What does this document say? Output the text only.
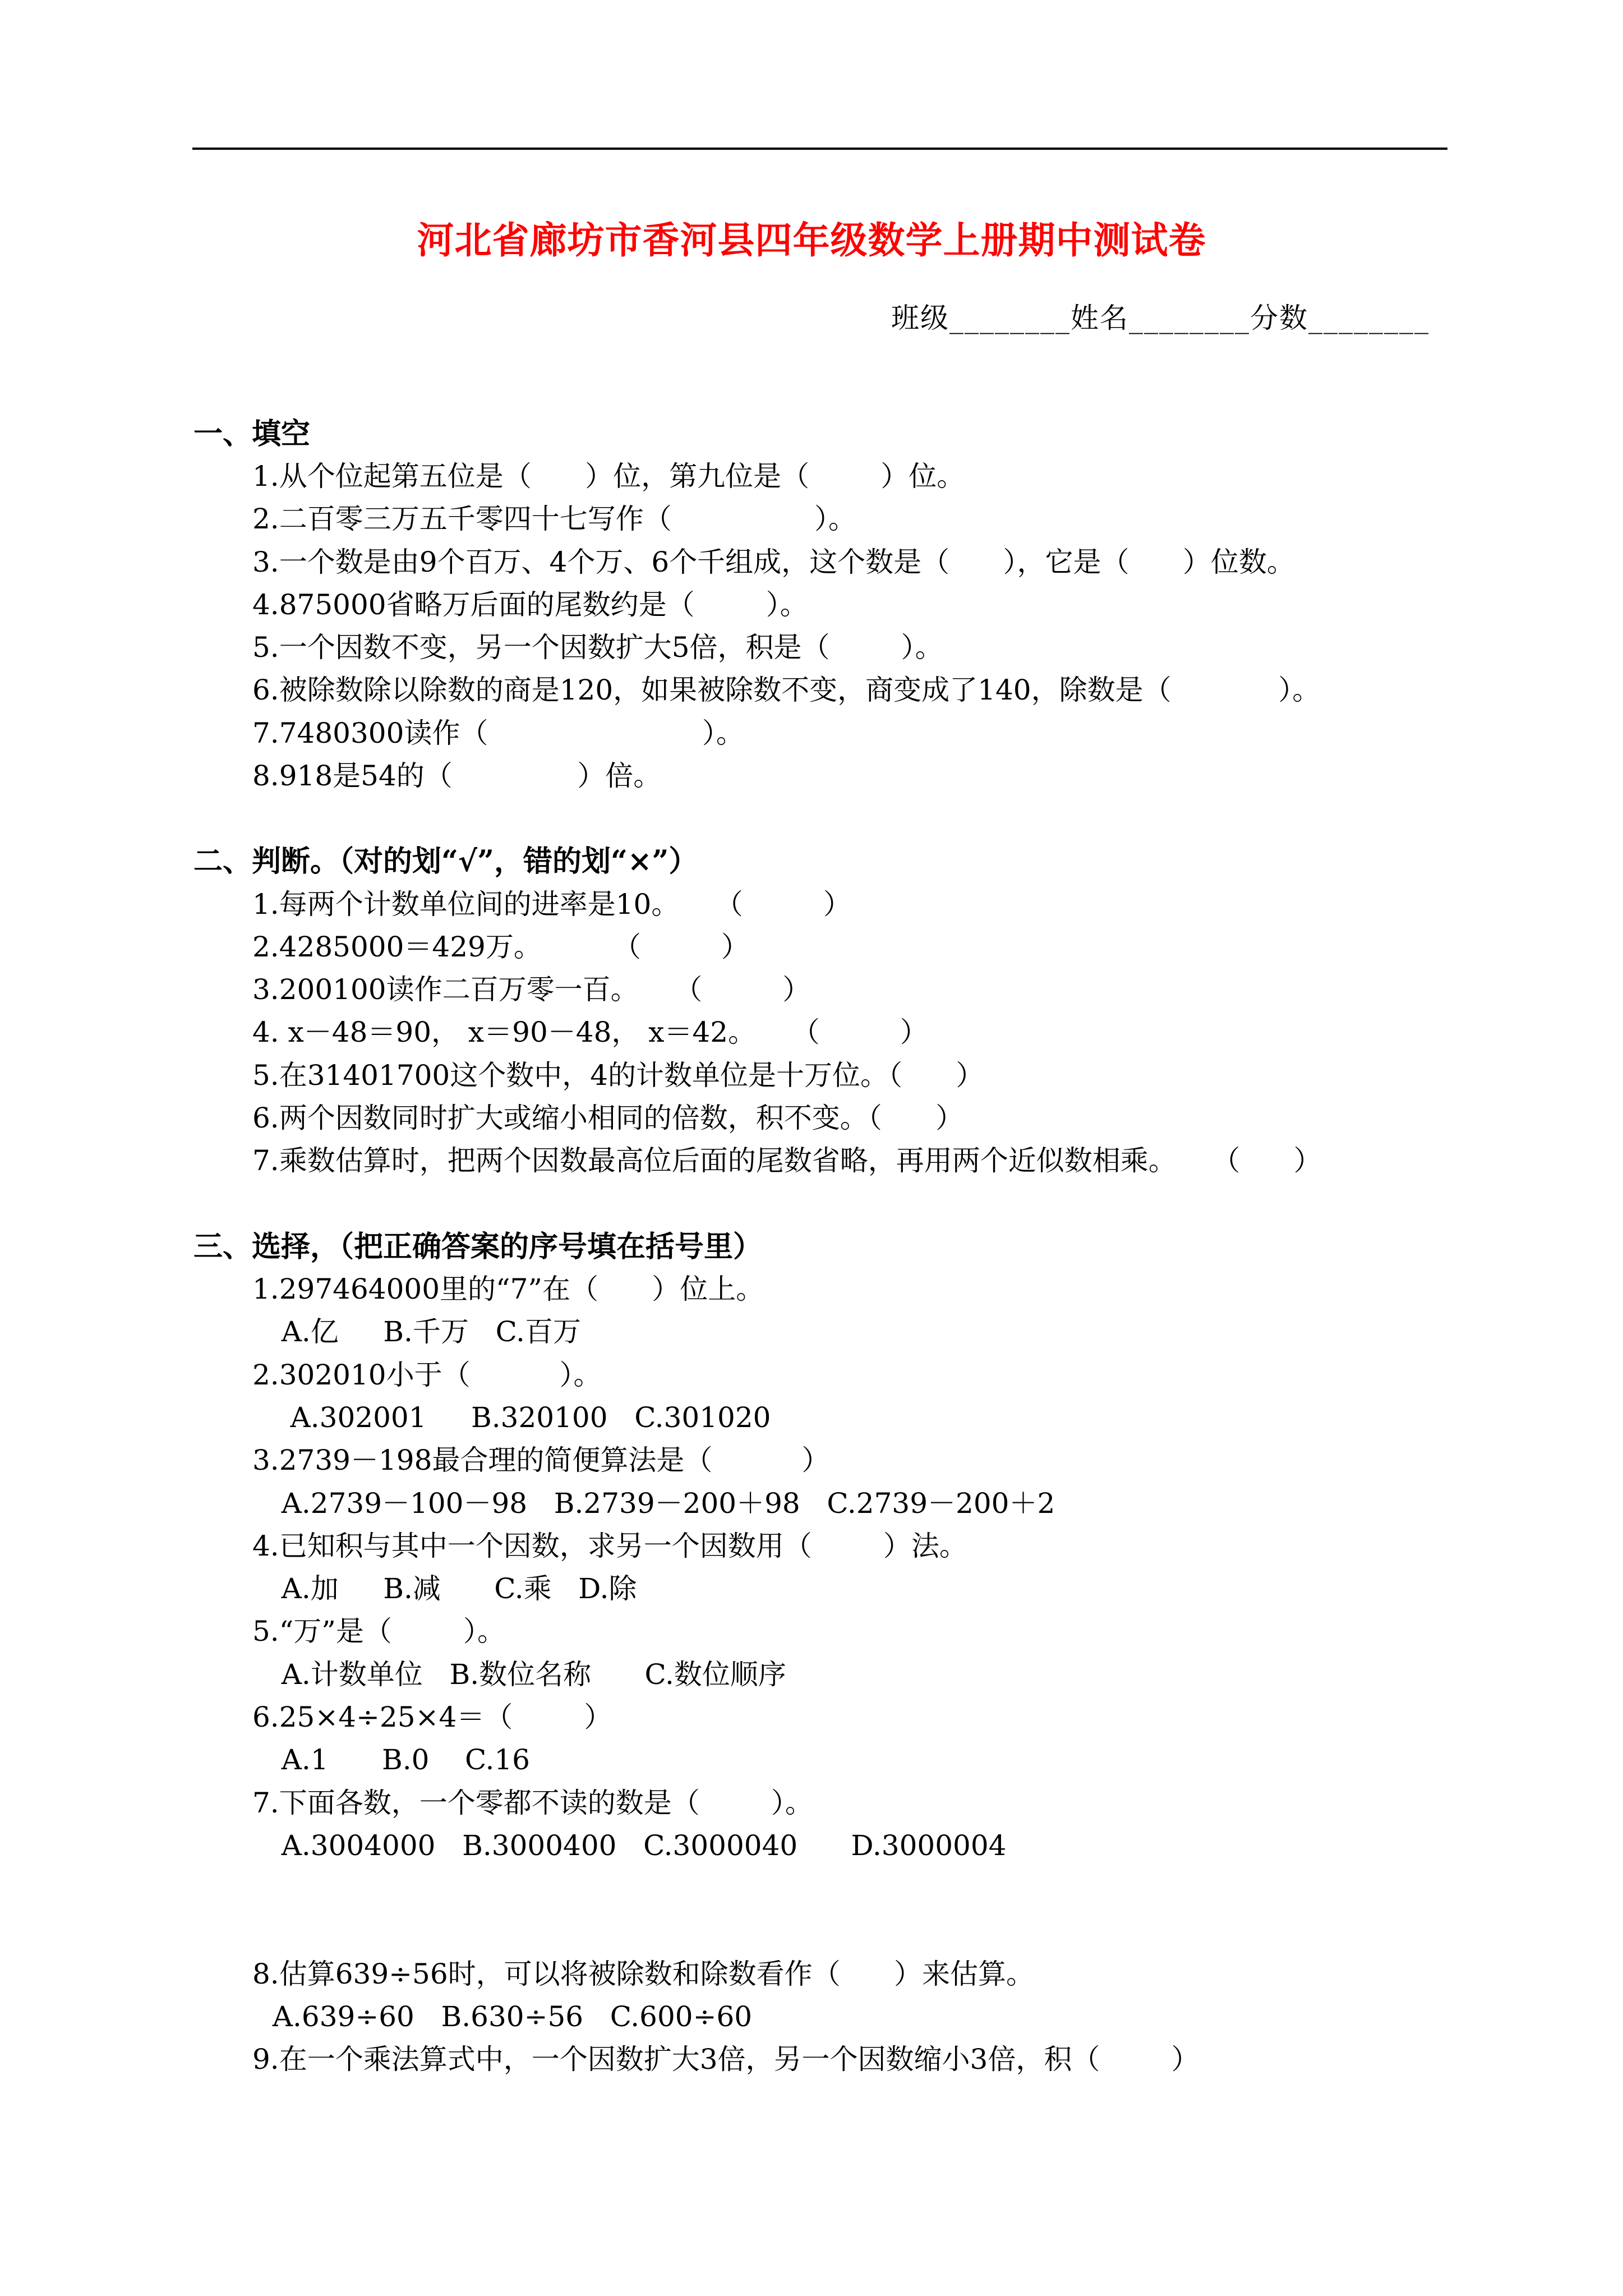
河北省廊坊市香河县四年级数学上册期中测试卷
班级________姓名________分数________
一、填空
1.从个位起第五位是（      ）位，第九位是（        ）位。
2.二百零三万五千零四十七写作（                ）。
3.一个数是由9个百万、4个万、6个千组成，这个数是（      ），它是（      ）位数。
4.875000省略万后面的尾数约是（        ）。
5.一个因数不变，另一个因数扩大5倍，积是（        ）。
6.被除数除以除数的商是120，如果被除数不变，商变成了140，除数是（            ）。
7.7480300读作（                        ）。
8.918是54的（              ）倍。
二、判断。（对的划“√”，错的划“×”）
1.每两个计数单位间的进率是10。    （         ）
2.4285000＝429万。        （         ）
3.200100读作二百万零一百。    （         ）
4. x－48＝90， x＝90－48， x＝42。    （         ）
5.在31401700这个数中，4的计数单位是十万位。（      ）
6.两个因数同时扩大或缩小相同的倍数，积不变。（      ）
7.乘数估算时，把两个因数最高位后面的尾数省略，再用两个近似数相乘。    （      ）
三、选择，（把正确答案的序号填在括号里）
1.297464000里的“7”在（      ）位上。
A.亿     B.千万   C.百万
2.302010小于（          ）。
A.302001     B.320100   C.301020
3.2739－198最合理的简便算法是（          ）
A.2739－100－98   B.2739－200＋98   C.2739－200＋2
4.已知积与其中一个因数，求另一个因数用（        ）法。
A.加     B.减      C.乘   D.除
5.“万”是（        ）。
A.计数单位   B.数位名称      C.数位顺序
6.25×4÷25×4＝（        ）
A.1      B.0    C.16
7.下面各数，一个零都不读的数是（        ）。
A.3004000   B.3000400   C.3000040      D.3000004
8.估算639÷56时，可以将被除数和除数看作（      ）来估算。
A.639÷60   B.630÷56   C.600÷60
9.在一个乘法算式中，一个因数扩大3倍，另一个因数缩小3倍，积（        ）
